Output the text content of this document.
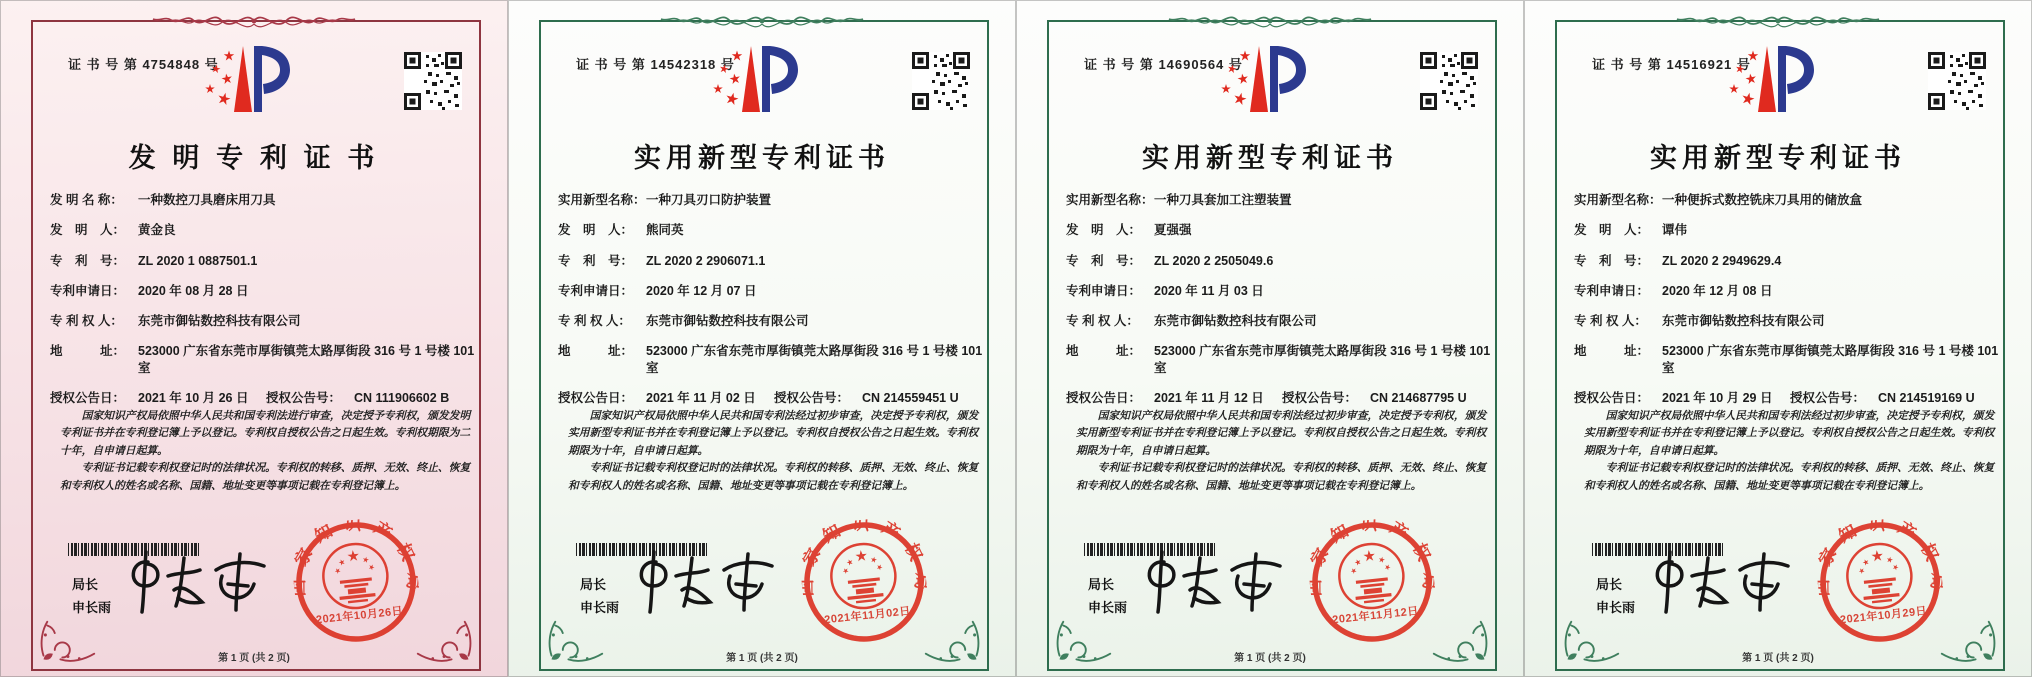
证 书 号 第 4754848 号
发 明 专 利 证 书
发 明 名 称：	一种数控刀具磨床用刀具
发　明　人：	黄金良
专　利　号：	ZL 2020 1 0887501.1
专利申请日：	2020 年 08 月 28 日
专 利 权 人：	东莞市御钻数控科技有限公司
地　　　址：	523000 广东省东莞市厚街镇莞太路厚街段 316 号 1 号楼 101 室
授权公告日：	2021 年 10 月 26 日	授权公告号：	CN 111906602 B
国家知识产权局依照中华人民共和国专利法进行审查，决定授予专利权，颁发发明专利证书并在专利登记簿上予以登记。专利权自授权公告之日起生效。专利权期限为二十年，自申请日起算。
专利证书记载专利权登记时的法律状况。专利权的转移、质押、无效、终止、恢复和专利权人的姓名或名称、国籍、地址变更等事项记载在专利登记簿上。
局长
申长雨
国家知识产权局
2021年10月26日
第 1 页 (共 2 页)
证 书 号 第 14542318 号
实用新型专利证书
实用新型名称： 一种刀具刃口防护装置
发　明　人：	熊同英
专　利　号：	ZL 2020 2 2906071.1
专利申请日：	2020 年 12 月 07 日
专 利 权 人：	东莞市御钻数控科技有限公司
地　　　址：	523000 广东省东莞市厚街镇莞太路厚街段 316 号 1 号楼 101 室
授权公告日：	2021 年 11 月 02 日	授权公告号：	CN 214559451 U
国家知识产权局依照中华人民共和国专利法经过初步审查，决定授予专利权，颁发实用新型专利证书并在专利登记簿上予以登记。专利权自授权公告之日起生效。专利权期限为十年，自申请日起算。
专利证书记载专利权登记时的法律状况。专利权的转移、质押、无效、终止、恢复和专利权人的姓名或名称、国籍、地址变更等事项记载在专利登记簿上。
局长
申长雨
国家知识产权局
2021年11月02日
第 1 页 (共 2 页)
证 书 号 第 14690564 号
实用新型专利证书
实用新型名称： 一种刀具套加工注塑装置
发　明　人：	夏强强
专　利　号：	ZL 2020 2 2505049.6
专利申请日：	2020 年 11 月 03 日
专 利 权 人：	东莞市御钻数控科技有限公司
地　　　址：	523000 广东省东莞市厚街镇莞太路厚街段 316 号 1 号楼 101 室
授权公告日：	2021 年 11 月 12 日	授权公告号：	CN 214687795 U
国家知识产权局依照中华人民共和国专利法经过初步审查，决定授予专利权，颁发实用新型专利证书并在专利登记簿上予以登记。专利权自授权公告之日起生效。专利权期限为十年，自申请日起算。
专利证书记载专利权登记时的法律状况。专利权的转移、质押、无效、终止、恢复和专利权人的姓名或名称、国籍、地址变更等事项记载在专利登记簿上。
局长
申长雨
国家知识产权局
2021年11月12日
第 1 页 (共 2 页)
证 书 号 第 14516921 号
实用新型专利证书
实用新型名称： 一种便拆式数控铣床刀具用的储放盒
发　明　人：	谭伟
专　利　号：	ZL 2020 2 2949629.4
专利申请日：	2020 年 12 月 08 日
专 利 权 人：	东莞市御钻数控科技有限公司
地　　　址：	523000 广东省东莞市厚街镇莞太路厚街段 316 号 1 号楼 101 室
授权公告日：	2021 年 10 月 29 日	授权公告号：	CN 214519169 U
国家知识产权局依照中华人民共和国专利法经过初步审查，决定授予专利权，颁发实用新型专利证书并在专利登记簿上予以登记。专利权自授权公告之日起生效。专利权期限为十年，自申请日起算。
专利证书记载专利权登记时的法律状况。专利权的转移、质押、无效、终止、恢复和专利权人的姓名或名称、国籍、地址变更等事项记载在专利登记簿上。
局长
申长雨
国家知识产权局
2021年10月29日
第 1 页 (共 2 页)
